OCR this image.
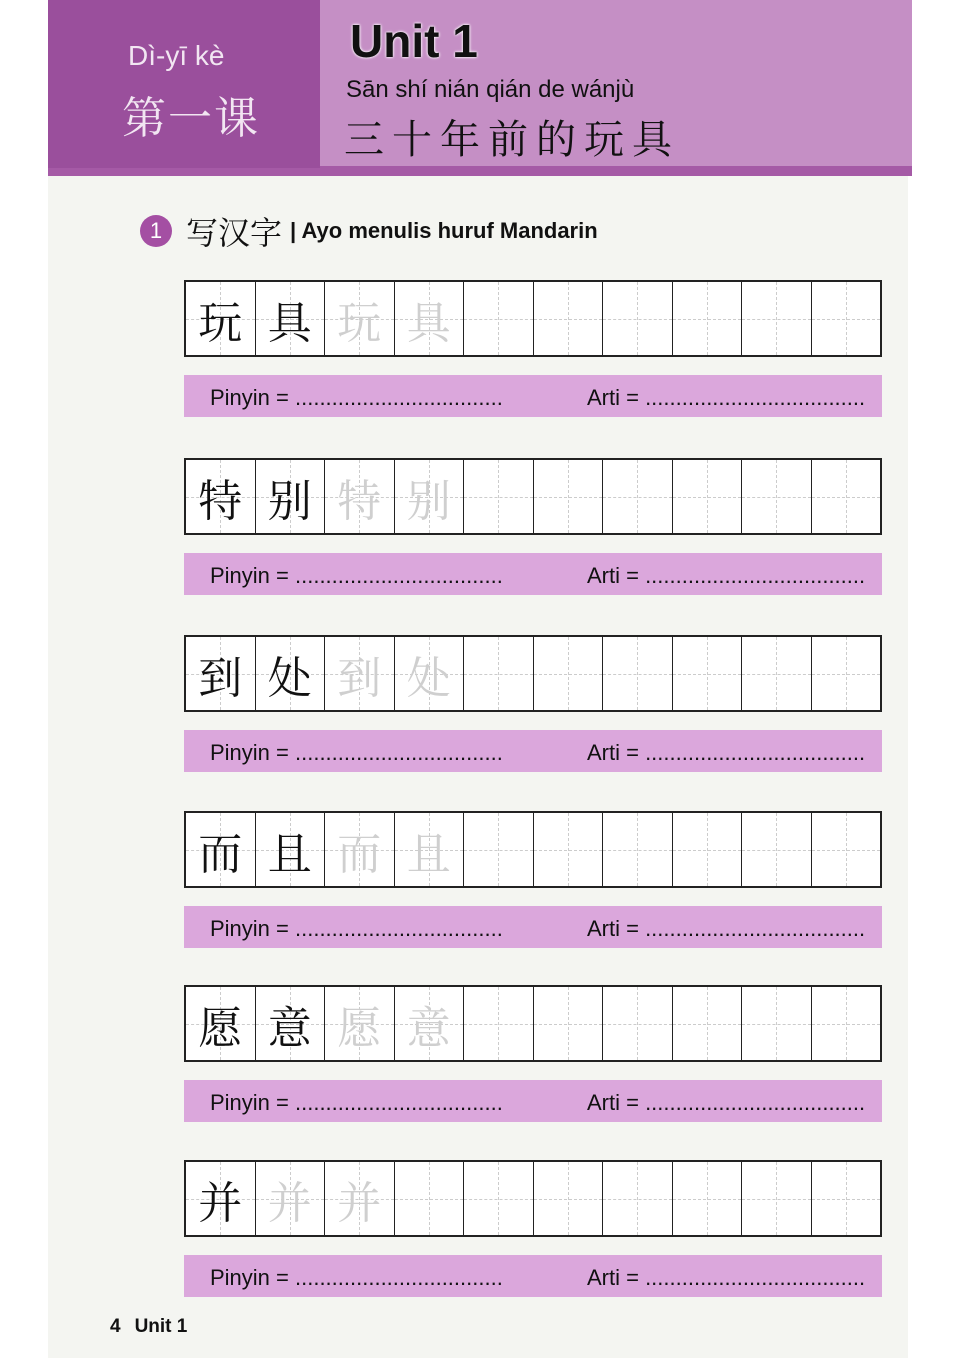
Dì-yī kè
第一课
Unit 1
Sān shí nián qián de wánjù
三十年前的玩具
1 写汉字 | Ayo menulis huruf Mandarin
玩 具 玩 具
Pinyin = ..................................	Arti = ....................................
特 别 特 别
Pinyin = ..................................	Arti = ....................................
到 处 到 处
Pinyin = ..................................	Arti = ....................................
而 且 而 且
Pinyin = ..................................	Arti = ....................................
愿 意 愿 意
Pinyin = ..................................	Arti = ....................................
并 并 并
Pinyin = ..................................	Arti = ....................................
4 Unit 1
